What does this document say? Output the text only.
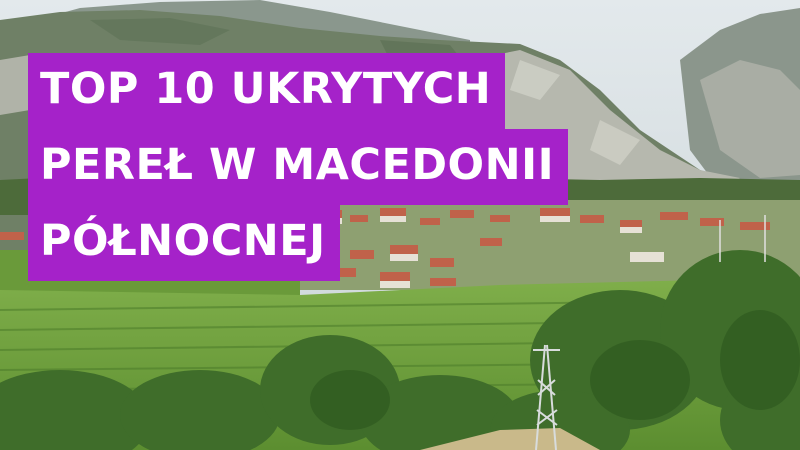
TOP 10 UKRYTYCH
PEREŁ W MACEDONII
PÓŁNOCNEJ
